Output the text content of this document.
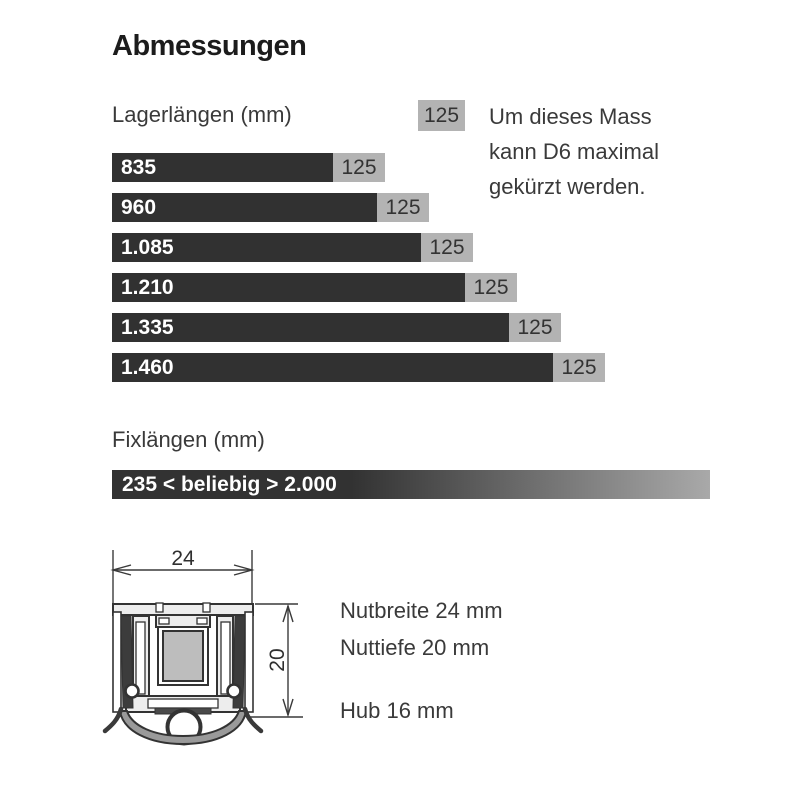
Abmessungen
Lagerlängen (mm)	125 Um dieses Mass
kann D6 maximal
gekürzt werden.
835	125
960	125
1.085	125
1.210	125
1.335	125
1.460	125
Fixlängen (mm)
235 < beliebig > 2.000
24
20
Nutbreite 24 mm
Nuttiefe 20 mm
Hub 16 mm
